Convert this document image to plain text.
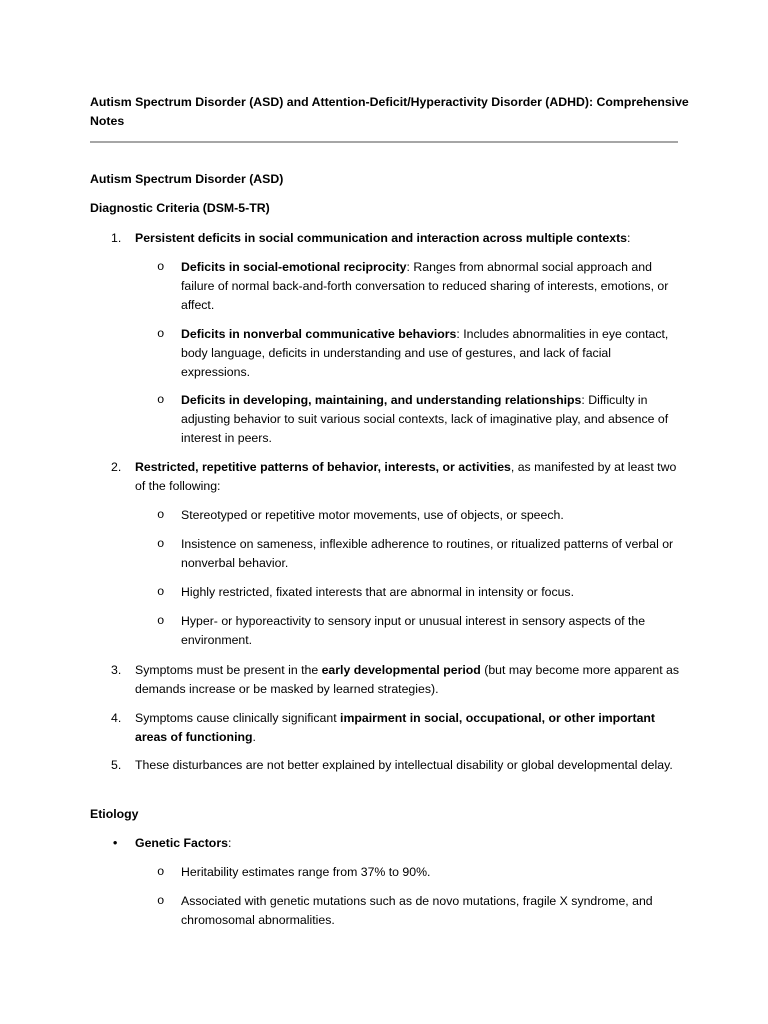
Autism Spectrum Disorder (ASD) and Attention-Deficit/Hyperactivity Disorder (ADHD): Comprehensive Notes
Autism Spectrum Disorder (ASD)
Diagnostic Criteria (DSM-5-TR)
1. Persistent deficits in social communication and interaction across multiple contexts:
o Deficits in social-emotional reciprocity: Ranges from abnormal social approach and failure of normal back-and-forth conversation to reduced sharing of interests, emotions, or affect.
o Deficits in nonverbal communicative behaviors: Includes abnormalities in eye contact, body language, deficits in understanding and use of gestures, and lack of facial expressions.
o Deficits in developing, maintaining, and understanding relationships: Difficulty in adjusting behavior to suit various social contexts, lack of imaginative play, and absence of interest in peers.
2. Restricted, repetitive patterns of behavior, interests, or activities, as manifested by at least two of the following:
o Stereotyped or repetitive motor movements, use of objects, or speech.
o Insistence on sameness, inflexible adherence to routines, or ritualized patterns of verbal or nonverbal behavior.
o Highly restricted, fixated interests that are abnormal in intensity or focus.
o Hyper- or hyporeactivity to sensory input or unusual interest in sensory aspects of the environment.
3. Symptoms must be present in the early developmental period (but may become more apparent as demands increase or be masked by learned strategies).
4. Symptoms cause clinically significant impairment in social, occupational, or other important areas of functioning.
5. These disturbances are not better explained by intellectual disability or global developmental delay.
Etiology
• Genetic Factors:
o Heritability estimates range from 37% to 90%.
o Associated with genetic mutations such as de novo mutations, fragile X syndrome, and chromosomal abnormalities.
